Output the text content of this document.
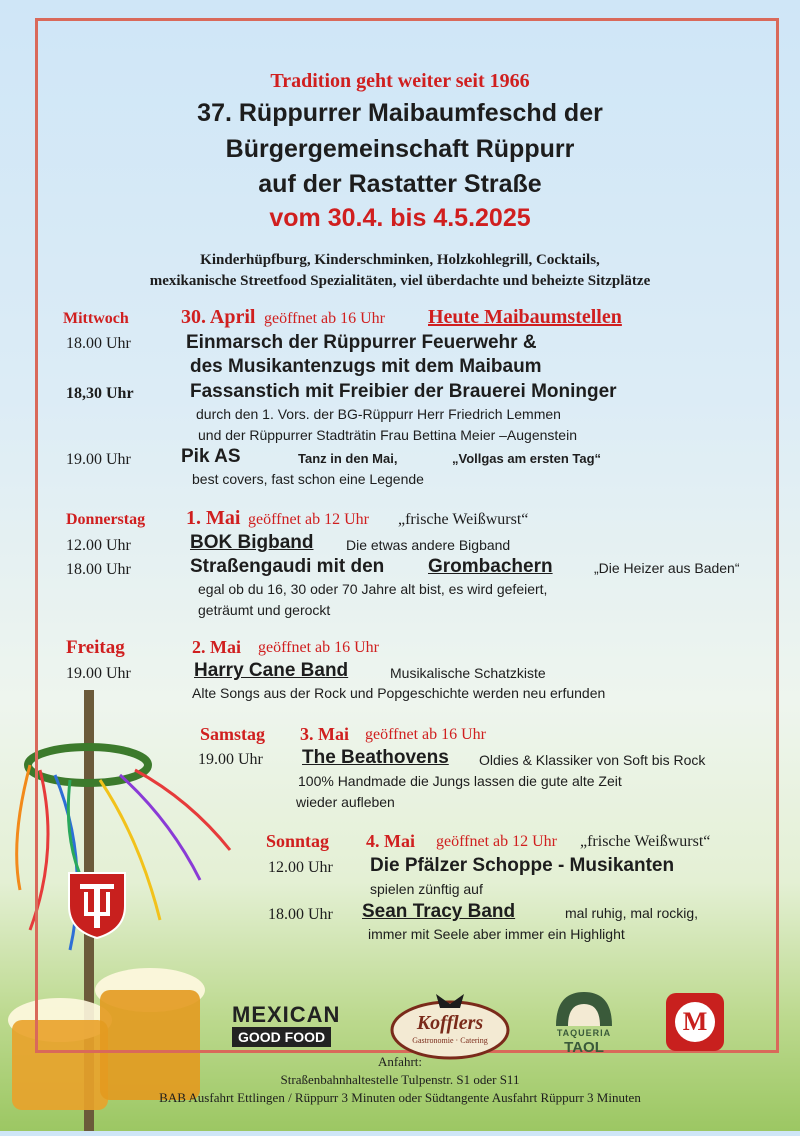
Tradition geht weiter seit 1966
37. Rüppurrer Maibaumfeschd der
Bürgergemeinschaft Rüppurr
auf der Rastatter Straße
vom 30.4. bis 4.5.2025
Kinderhüpfburg, Kinderschminken, Holzkohlegrill, Cocktails,
mexikanische Streetfood Spezialitäten, viel überdachte und beheizte Sitzplätze
Mittwoch	30. April geöffnet ab 16 Uhr Heute Maibaumstellen
18.00 Uhr	Einmarsch der Rüppurrer Feuerwehr &
des Musikantenzugs mit dem Maibaum
18,30 Uhr	Fassanstich mit Freibier der Brauerei Moninger
durch den 1. Vors. der BG-Rüppurr Herr Friedrich Lemmen
und der Rüppurrer Stadträtin Frau Bettina Meier –Augenstein
19.00 Uhr	Pik AS	Tanz in den Mai,	„Vollgas am ersten Tag“
best covers, fast schon eine Legende
Donnerstag 1. Mai geöffnet ab 12 Uhr „frische Weißwurst“
12.00 Uhr	BOK Bigband Die etwas andere Bigband
18.00 Uhr	Straßengaudi mit den Grombachern	„Die Heizer aus Baden“
egal ob du 16, 30 oder 70 Jahre alt bist, es wird gefeiert,
geträumt und gerockt
Freitag	2. Mai geöffnet ab 16 Uhr
19.00 Uhr	Harry Cane Band	Musikalische Schatzkiste
Alte Songs aus der Rock und Popgeschichte werden neu erfunden
Samstag 3. Mai geöffnet ab 16 Uhr
19.00 Uhr The Beathovens Oldies & Klassiker von Soft bis Rock
100% Handmade die Jungs lassen die gute alte Zeit
wieder aufleben
Sonntag 4. Mai geöffnet ab 12 Uhr „frische Weißwurst“
12.00 Uhr Die Pfälzer Schoppe - Musikanten
spielen zünftig auf
18.00 Uhr Sean Tracy Band	mal ruhig, mal rockig,
immer mit Seele aber immer ein Highlight
MEXICAN
GOOD FOOD
Kofflers
Gastronomie · Catering
TAQUERIA
TAOL
M
Anfahrt:
Straßenbahnhaltestelle Tulpenstr. S1 oder S11
BAB Ausfahrt Ettlingen / Rüppurr 3 Minuten oder Südtangente Ausfahrt Rüppurr 3 Minuten
